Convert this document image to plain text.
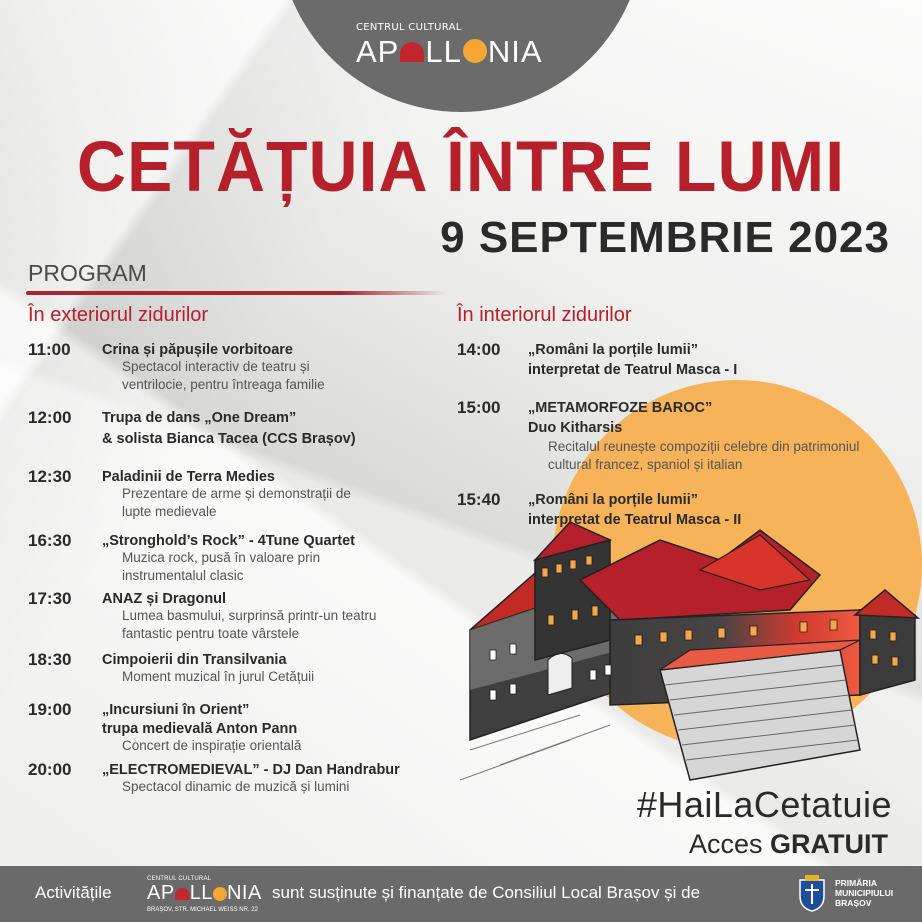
CENTRUL CULTURAL
AP LL NIA
CETĂȚUIA ÎNTRE LUMI
9 SEPTEMBRIE 2023
PROGRAM
În exteriorul zidurilor	În interiorul zidurilor
11:00 Crina și păpușile vorbitoare
Spectacol interactiv de teatru și ventrilocie, pentru întreaga familie
12:00 Trupa de dans „One Dream”
& solista Bianca Tacea (CCS Brașov)
12:30 Paladinii de Terra Medies
Prezentare de arme și demonstrații de lupte medievale
16:30 „Stronghold’s Rock” - 4Tune Quartet
Muzica rock, pusă în valoare prin instrumentalul clasic
17:30 ANAZ și Dragonul
Lumea basmului, surprinsă printr-un teatru fantastic pentru toate vârstele
18:30 Cimpoierii din Transilvania
Moment muzical în jurul Cetățuii
19:00 „Incursiuni în Orient”
trupa medievală Anton Pann
Concert de inspirație orientală
20:00 „ELECTROMEDIEVAL” - DJ Dan Handrabur
Spectacol dinamic de muzică și lumini
14:00 „Români la porțile lumii”
interpretat de Teatrul Masca - I
15:00 „METAMORFOZE BAROC”
Duo Kitharsis
Recitalul reunește compoziții celebre din patrimoniul cultural francez, spaniol și italian
15:40 „Români la porțile lumii”
interpretat de Teatrul Masca - II
#HaiLaCetatuie
Acces GRATUIT
Activitățile
CENTRUL CULTURAL
AP LL NIA
BRAȘOV, STR. MICHAEL WEISS NR. 22
sunt susținute și finanțate de Consiliul Local Brașov și de	PRIMĂRIA
MUNICIPIULUI
BRAȘOV
